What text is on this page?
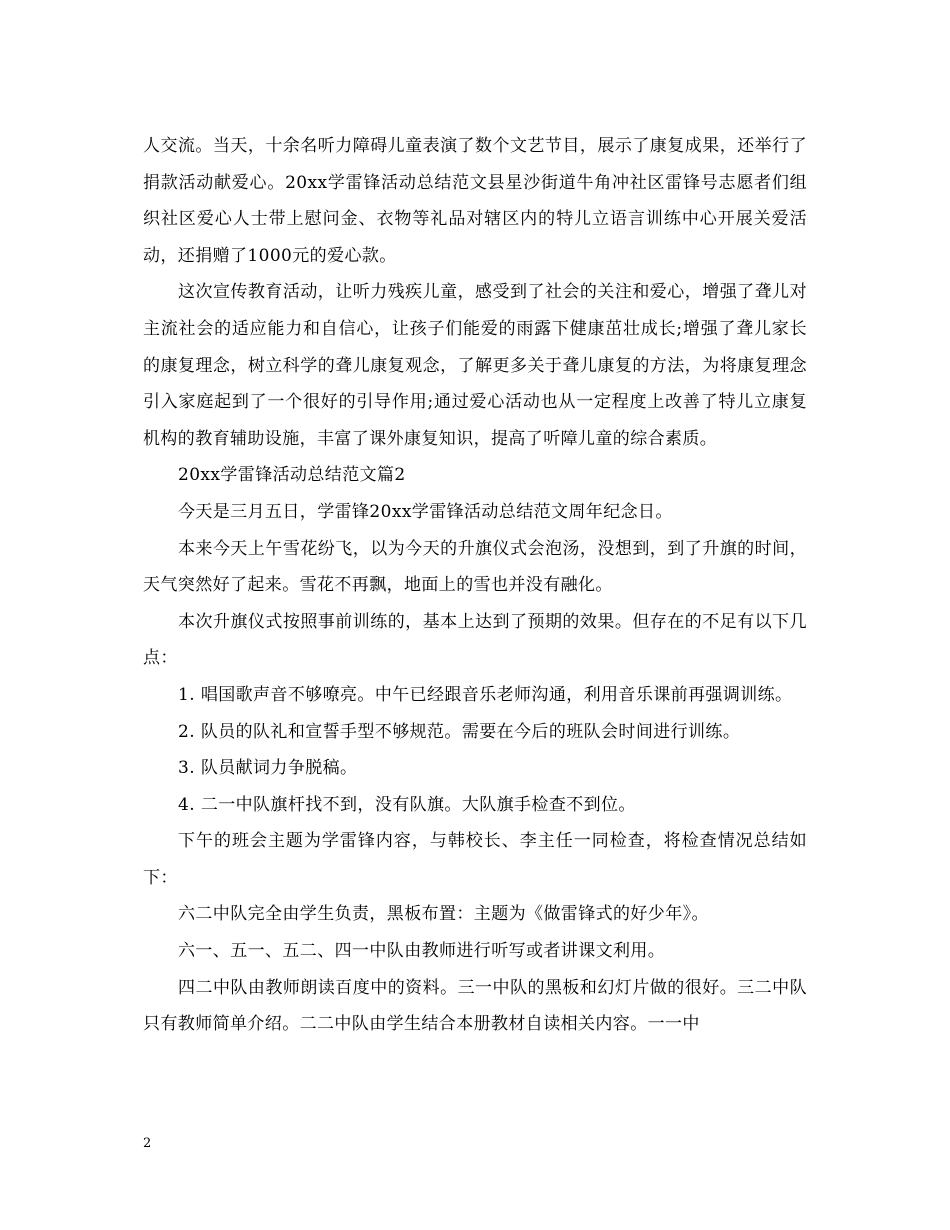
人交流。当天，十余名听力障碍儿童表演了数个文艺节目，展示了康复成果，还举行了捐款活动献爱心。20xx学雷锋活动总结范文县星沙街道牛角冲社区雷锋号志愿者们组织社区爱心人士带上慰问金、衣物等礼品对辖区内的特儿立语言训练中心开展关爱活动，还捐赠了1000元的爱心款。

这次宣传教育活动，让听力残疾儿童，感受到了社会的关注和爱心，增强了聋儿对主流社会的适应能力和自信心，让孩子们能爱的雨露下健康茁壮成长;增强了聋儿家长的康复理念，树立科学的聋儿康复观念，了解更多关于聋儿康复的方法，为将康复理念引入家庭起到了一个很好的引导作用;通过爱心活动也从一定程度上改善了特儿立康复机构的教育辅助设施，丰富了课外康复知识，提高了听障儿童的综合素质。

20xx学雷锋活动总结范文篇2

今天是三月五日，学雷锋20xx学雷锋活动总结范文周年纪念日。

本来今天上午雪花纷飞，以为今天的升旗仪式会泡汤，没想到，到了升旗的时间，天气突然好了起来。雪花不再飘，地面上的雪也并没有融化。

本次升旗仪式按照事前训练的，基本上达到了预期的效果。但存在的不足有以下几点：

1. 唱国歌声音不够嘹亮。中午已经跟音乐老师沟通，利用音乐课前再强调训练。

2. 队员的队礼和宣誓手型不够规范。需要在今后的班队会时间进行训练。

3. 队员献词力争脱稿。

4. 二一中队旗杆找不到，没有队旗。大队旗手检查不到位。

下午的班会主题为学雷锋内容，与韩校长、李主任一同检查，将检查情况总结如下：

六二中队完全由学生负责，黑板布置：主题为《做雷锋式的好少年》。

六一、五一、五二、四一中队由教师进行听写或者讲课文利用。

四二中队由教师朗读百度中的资料。三一中队的黑板和幻灯片做的很好。三二中队只有教师简单介绍。二二中队由学生结合本册教材自读相关内容。一一中

2
